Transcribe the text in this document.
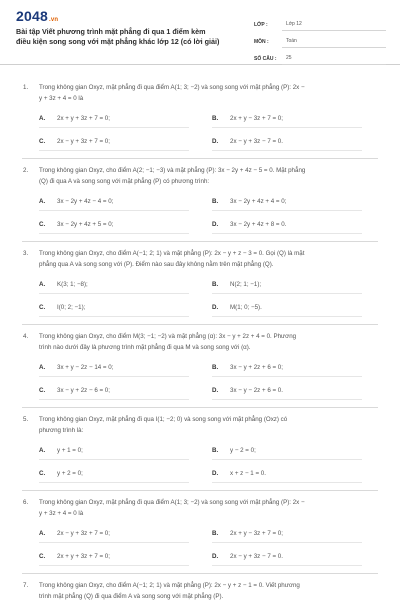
2048.vn
Bài tập Viết phương trình mặt phẳng đi qua 1 điểm kèm
điều kiện song song với mặt phẳng khác lớp 12 (có lời giải)
LỚP :	Lớp 12
MÔN :	Toán
SỐ CÂU :	25
1.	Trong không gian Oxyz, mặt phẳng đi qua điểm A(1; 3; −2) và song song với mặt phẳng (P): 2x −
y + 3z + 4 = 0 là
A.	2x + y + 3z + 7 = 0;	B.	2x + y − 3z + 7 = 0;
C.	2x − y + 3z + 7 = 0;	D.	2x − y + 3z − 7 = 0.
2.	Trong không gian Oxyz, cho điểm A(2; −1; −3) và mặt phẳng (P): 3x − 2y + 4z − 5 = 0. Mặt phẳng
(Q) đi qua A và song song với mặt phẳng (P) có phương trình:
A.	3x − 2y + 4z − 4 = 0;	B.	3x − 2y + 4z + 4 = 0;
C.	3x − 2y + 4z + 5 = 0;	D.	3x − 2y + 4z + 8 = 0.
3.	Trong không gian Oxyz, cho điểm A(−1; 2; 1) và mặt phẳng (P): 2x − y + z − 3 = 0. Gọi (Q) là mặt
phẳng qua A và song song với (P). Điểm nào sau đây không nằm trên mặt phẳng (Q).
A.	K(3; 1; −8);	B.	N(2; 1; −1);
C.	I(0; 2; −1);	D.	M(1; 0; −5).
4.	Trong không gian Oxyz, cho điểm M(3; −1; −2) và mặt phẳng (α): 3x − y + 2z + 4 = 0. Phương
trình nào dưới đây là phương trình mặt phẳng đi qua M và song song với (α).
A.	3x + y − 2z − 14 = 0;	B.	3x − y + 2z + 6 = 0;
C.	3x − y + 2z − 6 = 0;	D.	3x − y − 2z + 6 = 0.
5.	Trong không gian Oxyz, mặt phẳng đi qua I(1; −2; 0) và song song với mặt phẳng (Oxz) có
phương trình là:
A.	y + 1 = 0;	B.	y − 2 = 0;
C.	y + 2 = 0;	D.	x + z − 1 = 0.
6.	Trong không gian Oxyz, mặt phẳng đi qua điểm A(1; 3; −2) và song song với mặt phẳng (P): 2x −
y + 3z + 4 = 0 là
A.	2x − y + 3z + 7 = 0;	B.	2x + y − 3z + 7 = 0;
C.	2x + y + 3z + 7 = 0;	D.	2x − y + 3z − 7 = 0.
7.	Trong không gian Oxyz, cho điểm A(−1; 2; 1) và mặt phẳng (P): 2x − y + z − 1 = 0. Viết phương
trình mặt phẳng (Q) đi qua điểm A và song song với mặt phẳng (P).
